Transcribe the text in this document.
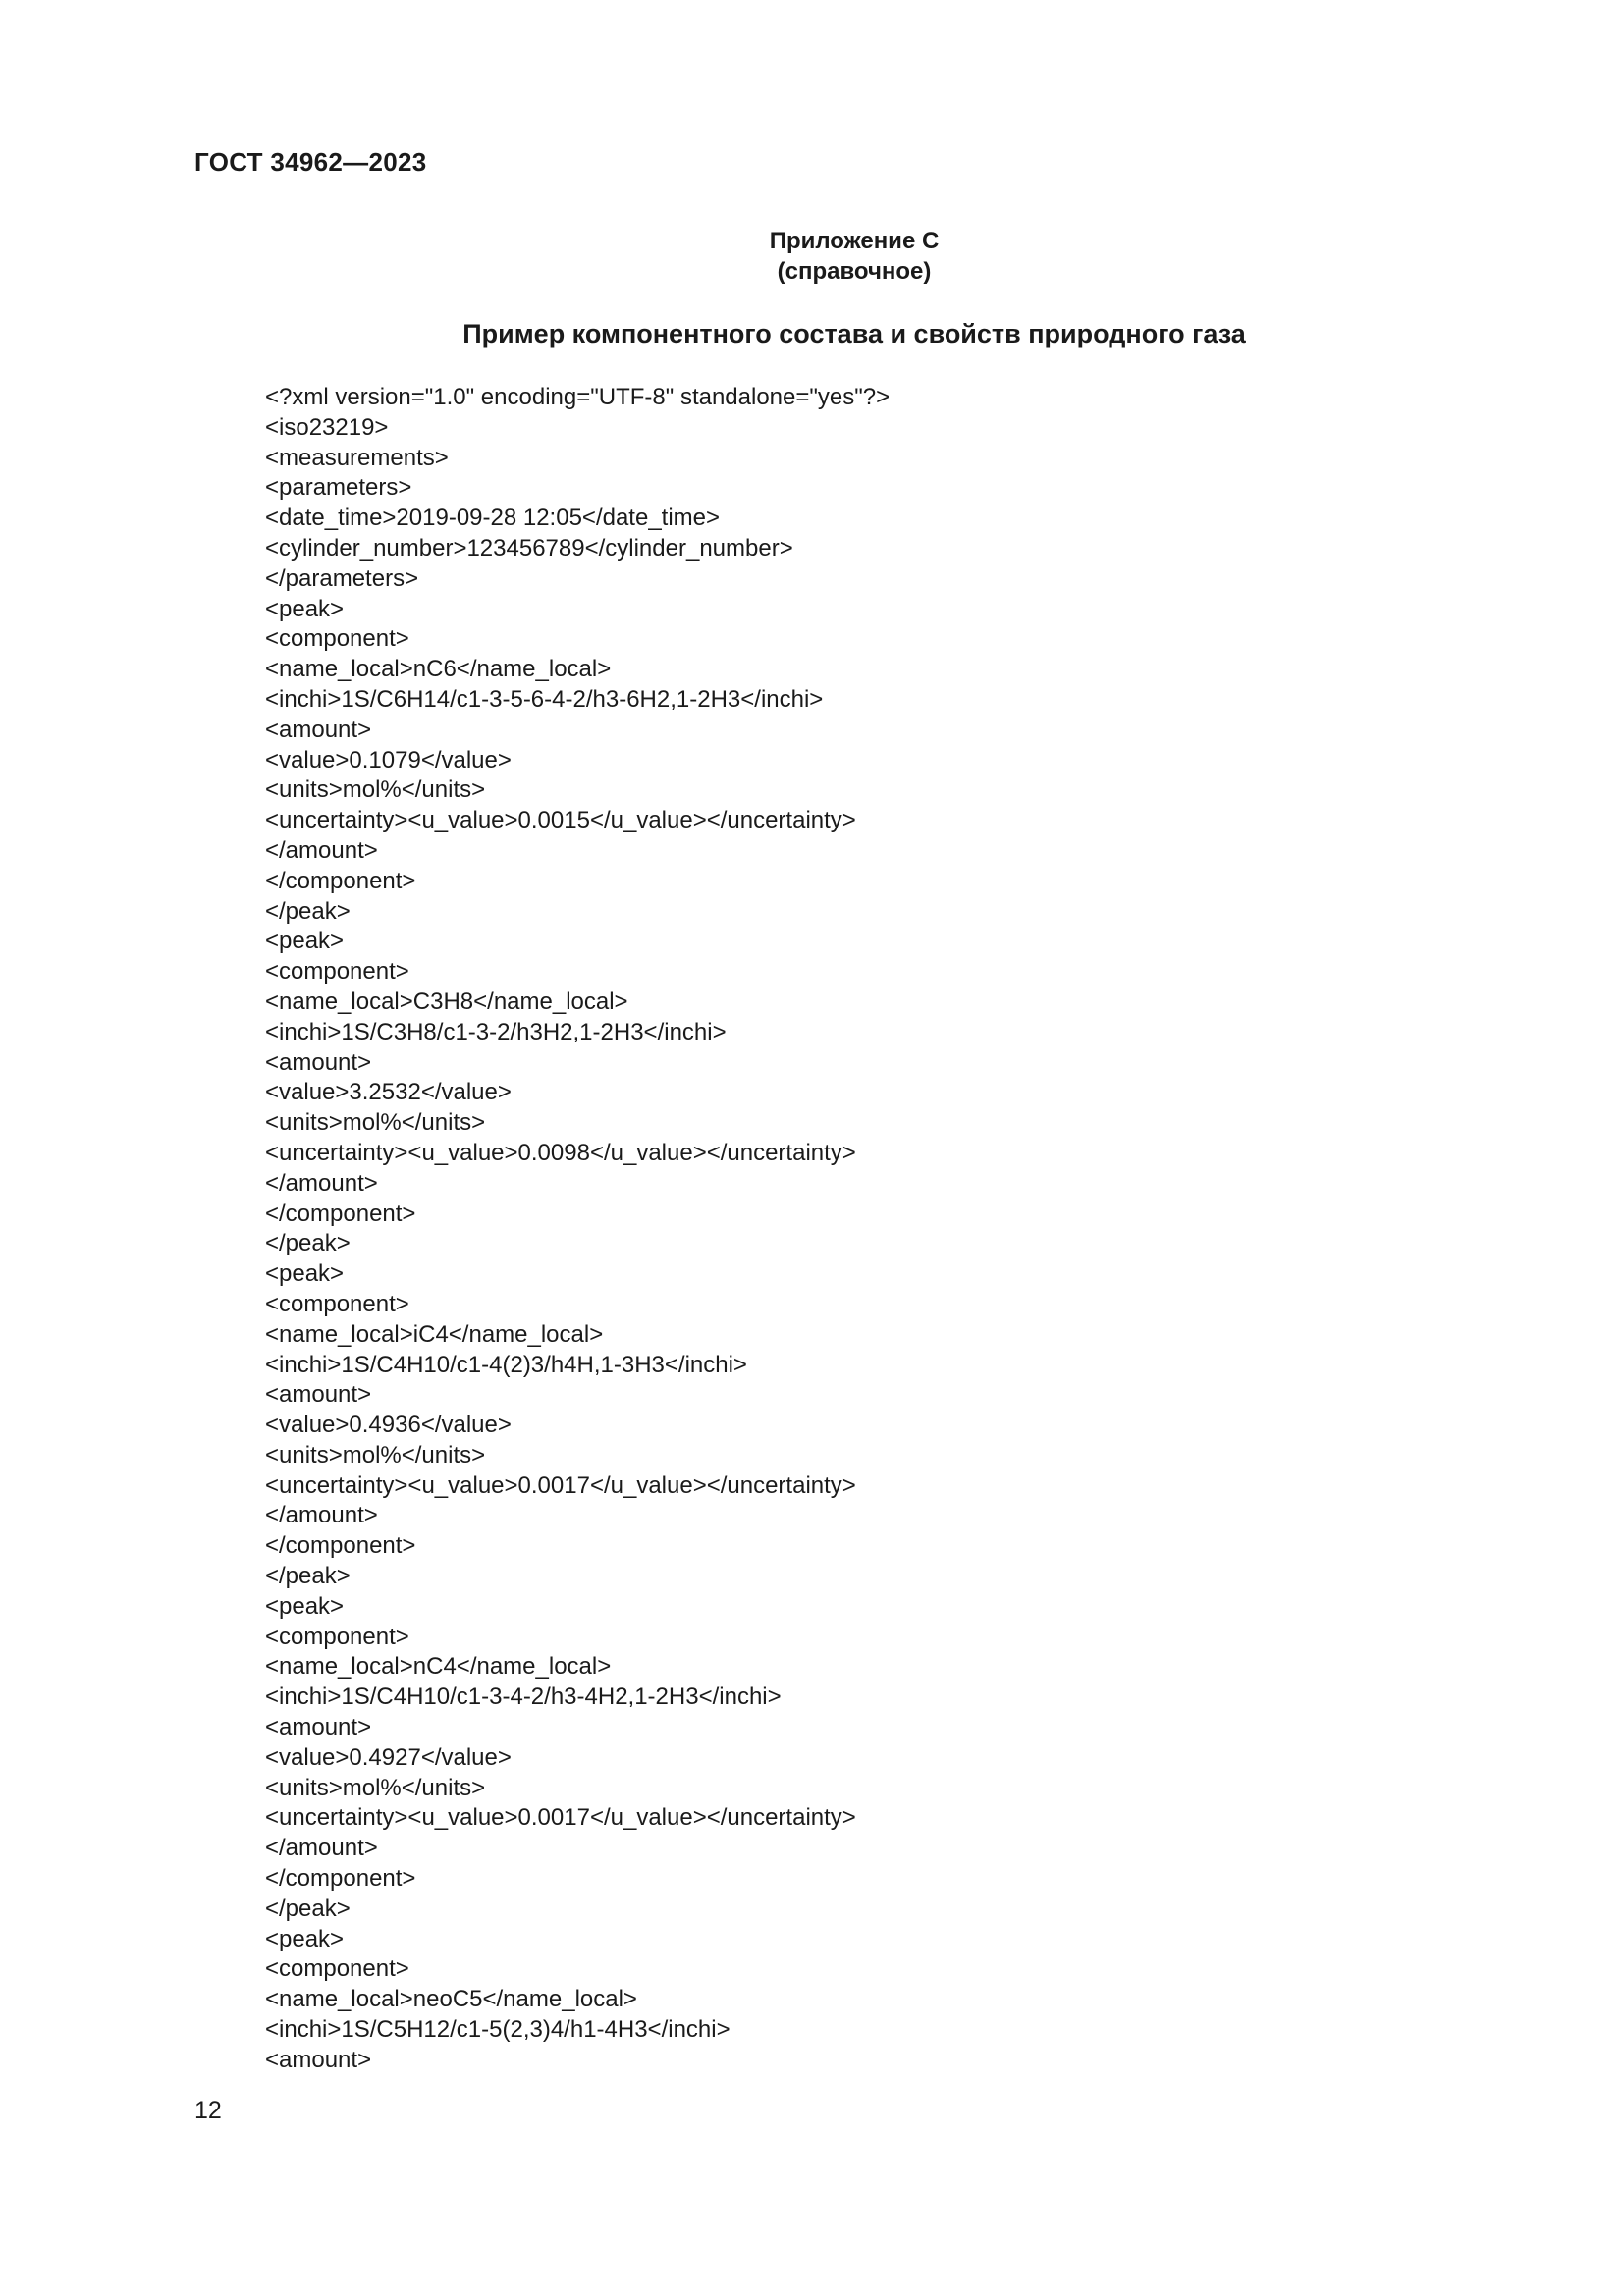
ГОСТ 34962—2023

Приложение С

(справочное)

Пример компонентного состава и свойств природного газа

<?xml version="1.0" encoding="UTF-8" standalone="yes"?>
<iso23219>
<measurements>
<parameters>
<date_time>2019-09-28 12:05</date_time>
<cylinder_number>123456789</cylinder_number>
</parameters>
<peak>
<component>
<name_local>nC6</name_local>
<inchi>1S/C6H14/c1-3-5-6-4-2/h3-6H2,1-2H3</inchi>
<amount>
<value>0.1079</value>
<units>mol%</units>
<uncertainty><u_value>0.0015</u_value></uncertainty>
</amount>
</component>
</peak>
<peak>
<component>
<name_local>C3H8</name_local>
<inchi>1S/C3H8/c1-3-2/h3H2,1-2H3</inchi>
<amount>
<value>3.2532</value>
<units>mol%</units>
<uncertainty><u_value>0.0098</u_value></uncertainty>
</amount>
</component>
</peak>
<peak>
<component>
<name_local>iC4</name_local>
<inchi>1S/C4H10/c1-4(2)3/h4H,1-3H3</inchi>
<amount>
<value>0.4936</value>
<units>mol%</units>
<uncertainty><u_value>0.0017</u_value></uncertainty>
</amount>
</component>
</peak>
<peak>
<component>
<name_local>nC4</name_local>
<inchi>1S/C4H10/c1-3-4-2/h3-4H2,1-2H3</inchi>
<amount>
<value>0.4927</value>
<units>mol%</units>
<uncertainty><u_value>0.0017</u_value></uncertainty>
</amount>
</component>
</peak>
<peak>
<component>
<name_local>neoC5</name_local>
<inchi>1S/C5H12/c1-5(2,3)4/h1-4H3</inchi>
<amount>

12
